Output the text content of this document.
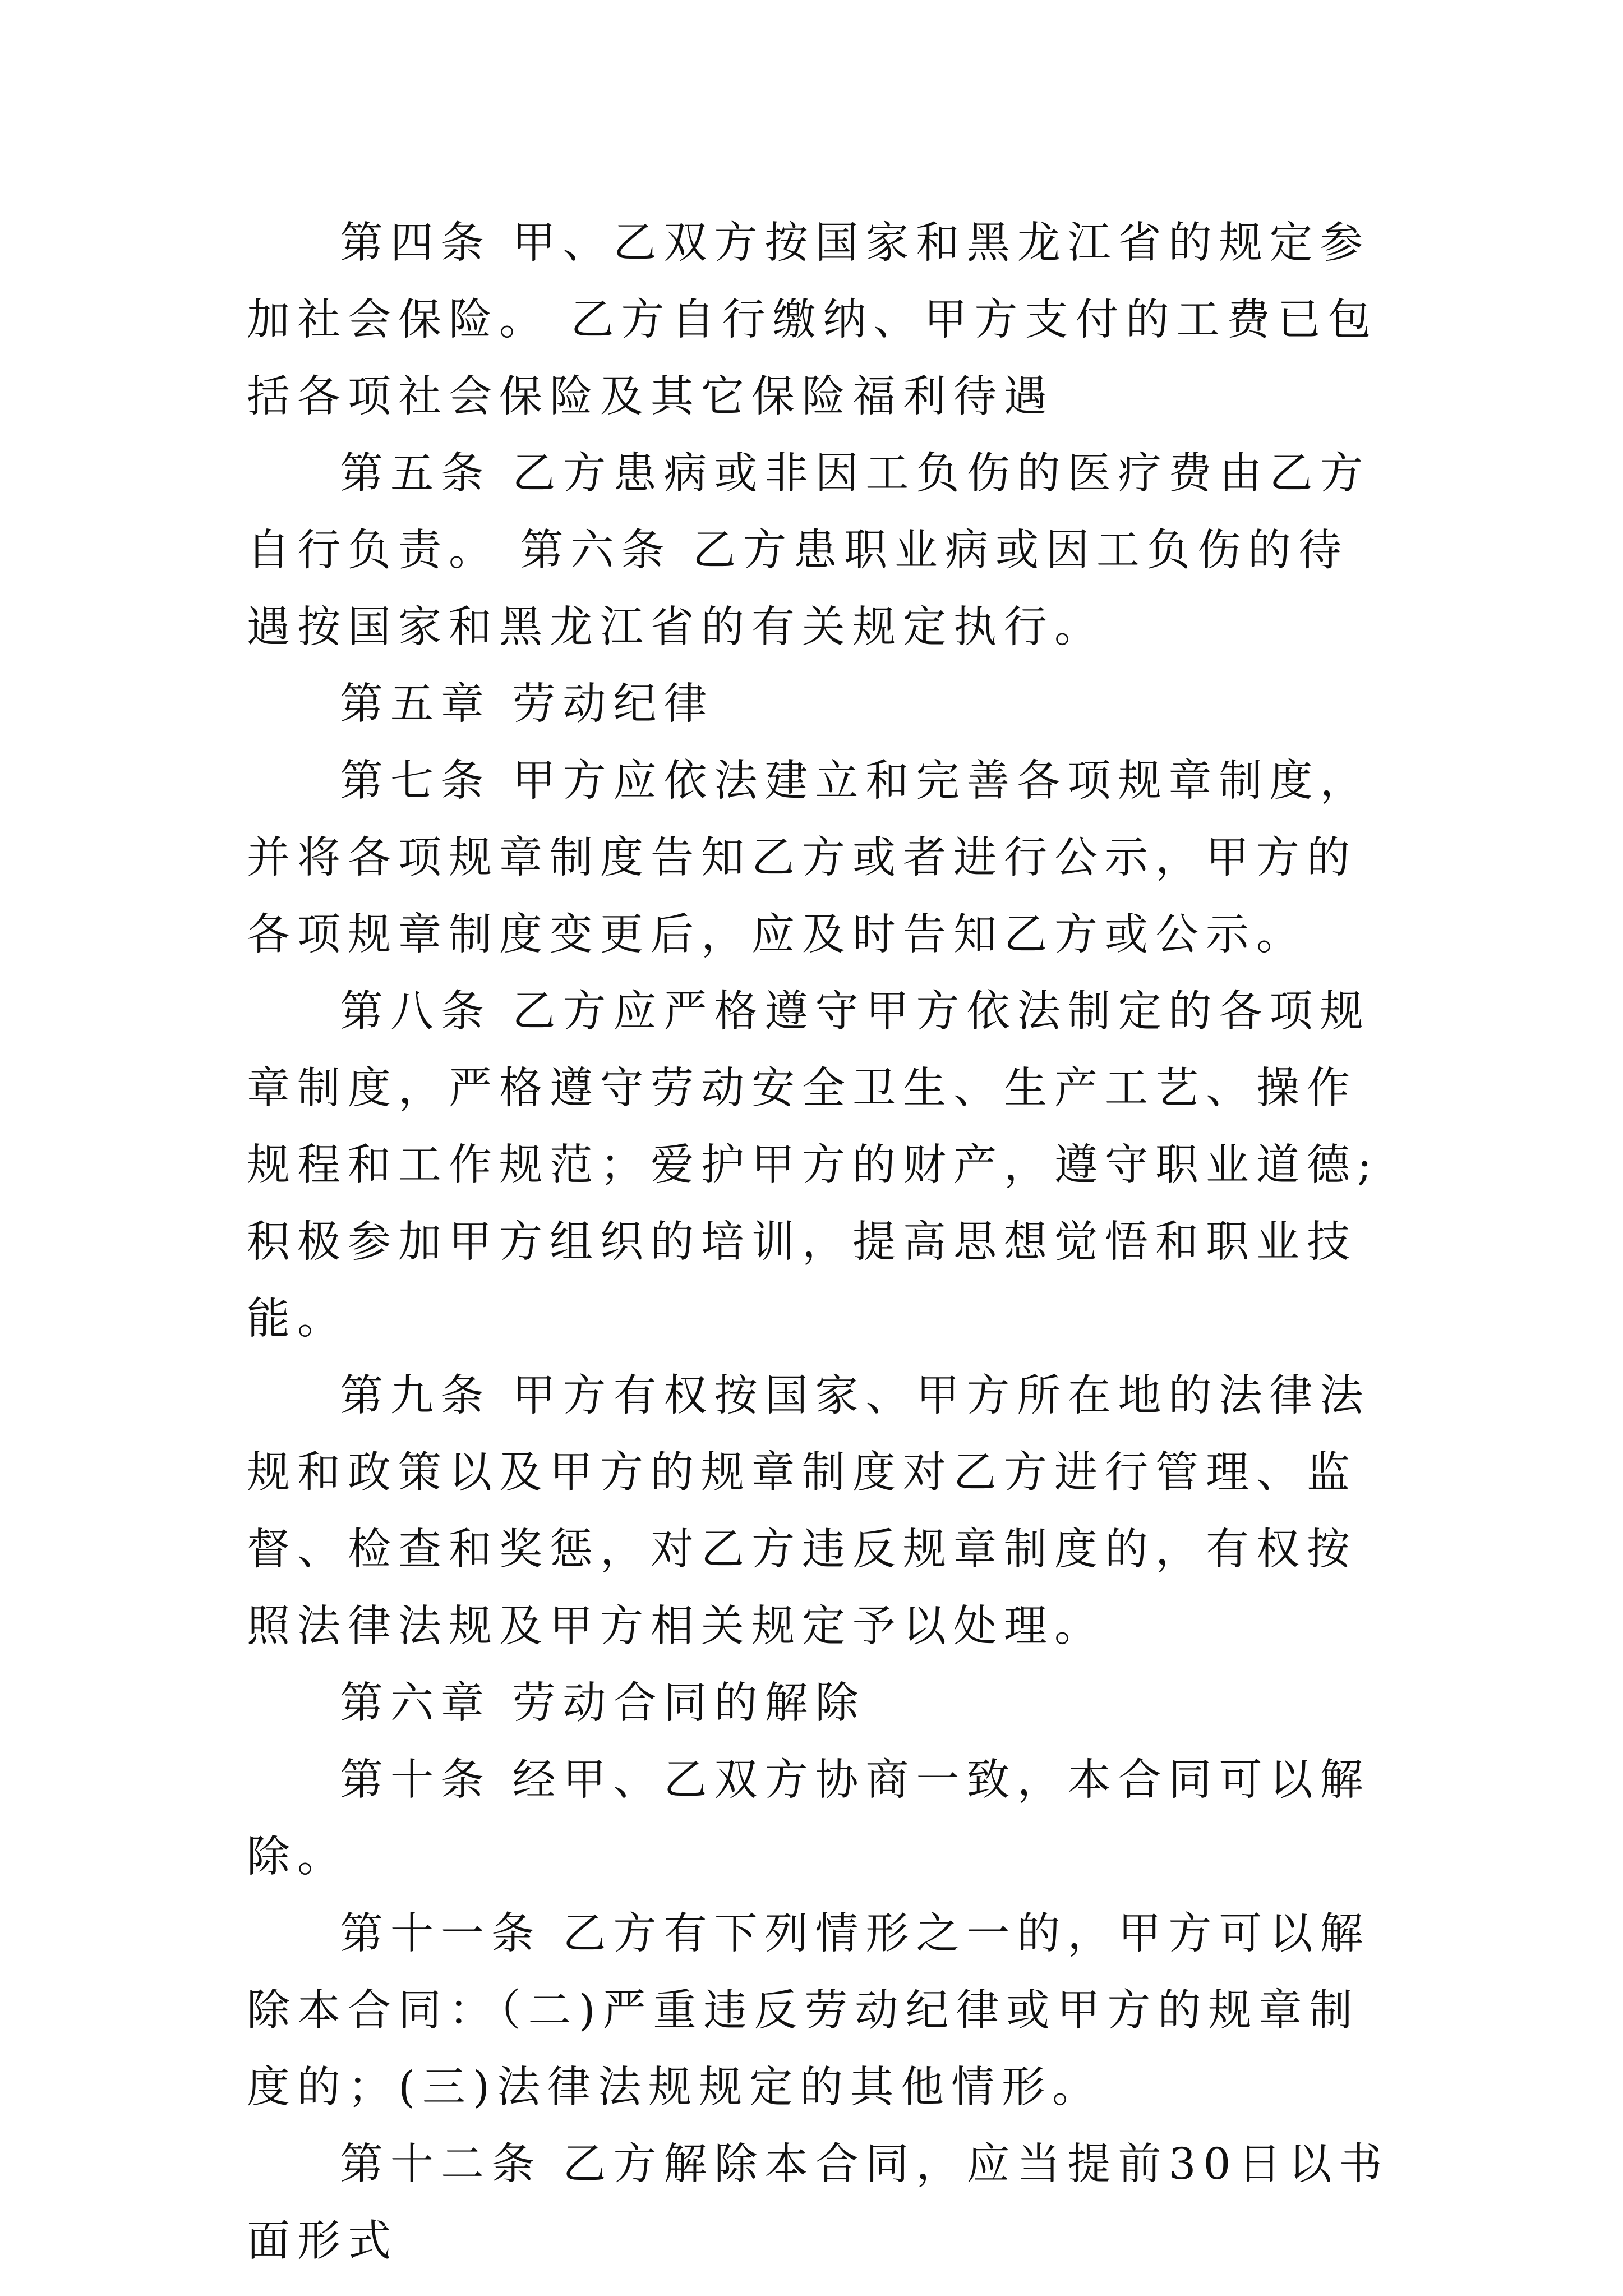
第四条 甲、乙双方按国家和黑龙江省的规定参加社会保险。 乙方自行缴纳、甲方支付的工费已包括各项社会保险及其它保险福利待遇

第五条 乙方患病或非因工负伤的医疗费由乙方自行负责。 第六条 乙方患职业病或因工负伤的待遇按国家和黑龙江省的有关规定执行。

第五章 劳动纪律

第七条 甲方应依法建立和完善各项规章制度，并将各项规章制度告知乙方或者进行公示，甲方的各项规章制度变更后，应及时告知乙方或公示。

第八条 乙方应严格遵守甲方依法制定的各项规章制度，严格遵守劳动安全卫生、生产工艺、操作规程和工作规范；爱护甲方的财产，遵守职业道德;积极参加甲方组织的培训，提高思想觉悟和职业技能。

第九条 甲方有权按国家、甲方所在地的法律法规和政策以及甲方的规章制度对乙方进行管理、监督、检查和奖惩，对乙方违反规章制度的，有权按照法律法规及甲方相关规定予以处理。

第六章 劳动合同的解除

第十条 经甲、乙双方协商一致，本合同可以解除。

第十一条 乙方有下列情形之一的，甲方可以解除本合同：（二)严重违反劳动纪律或甲方的规章制度的；(三)法律法规规定的其他情形。

第十二条 乙方解除本合同，应当提前30日以书面形式
